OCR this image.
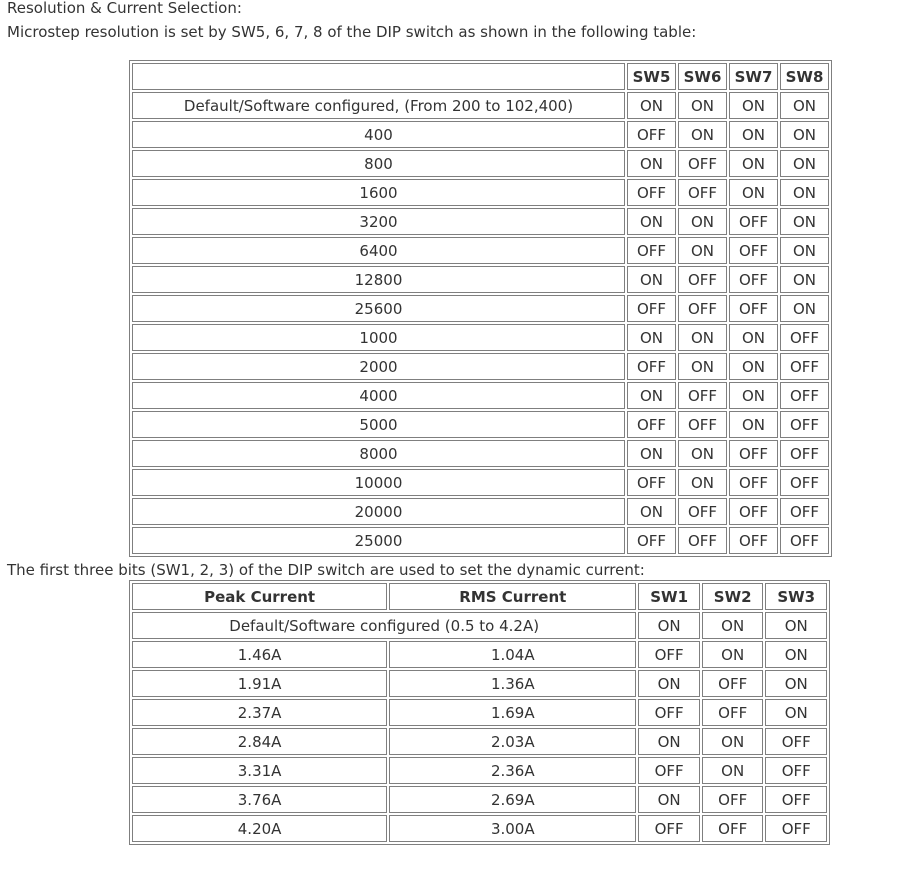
Resolution & Current Selection:
Microstep resolution is set by SW5, 6, 7, 8 of the DIP switch as shown in the following table:
	SW5	SW6	SW7	SW8
Default/Software configured, (From 200 to 102,400)	ON	ON	ON	ON
400	OFF	ON	ON	ON
800	ON	OFF	ON	ON
1600	OFF	OFF	ON	ON
3200	ON	ON	OFF	ON
6400	OFF	ON	OFF	ON
12800	ON	OFF	OFF	ON
25600	OFF	OFF	OFF	ON
1000	ON	ON	ON	OFF
2000	OFF	ON	ON	OFF
4000	ON	OFF	ON	OFF
5000	OFF	OFF	ON	OFF
8000	ON	ON	OFF	OFF
10000	OFF	ON	OFF	OFF
20000	ON	OFF	OFF	OFF
25000	OFF	OFF	OFF	OFF
The first three bits (SW1, 2, 3) of the DIP switch are used to set the dynamic current:
Peak Current	RMS Current	SW1	SW2	SW3
Default/Software configured (0.5 to 4.2A)		ON	ON	ON
1.46A	1.04A	OFF	ON	ON
1.91A	1.36A	ON	OFF	ON
2.37A	1.69A	OFF	OFF	ON
2.84A	2.03A	ON	ON	OFF
3.31A	2.36A	OFF	ON	OFF
3.76A	2.69A	ON	OFF	OFF
4.20A	3.00A	OFF	OFF	OFF
